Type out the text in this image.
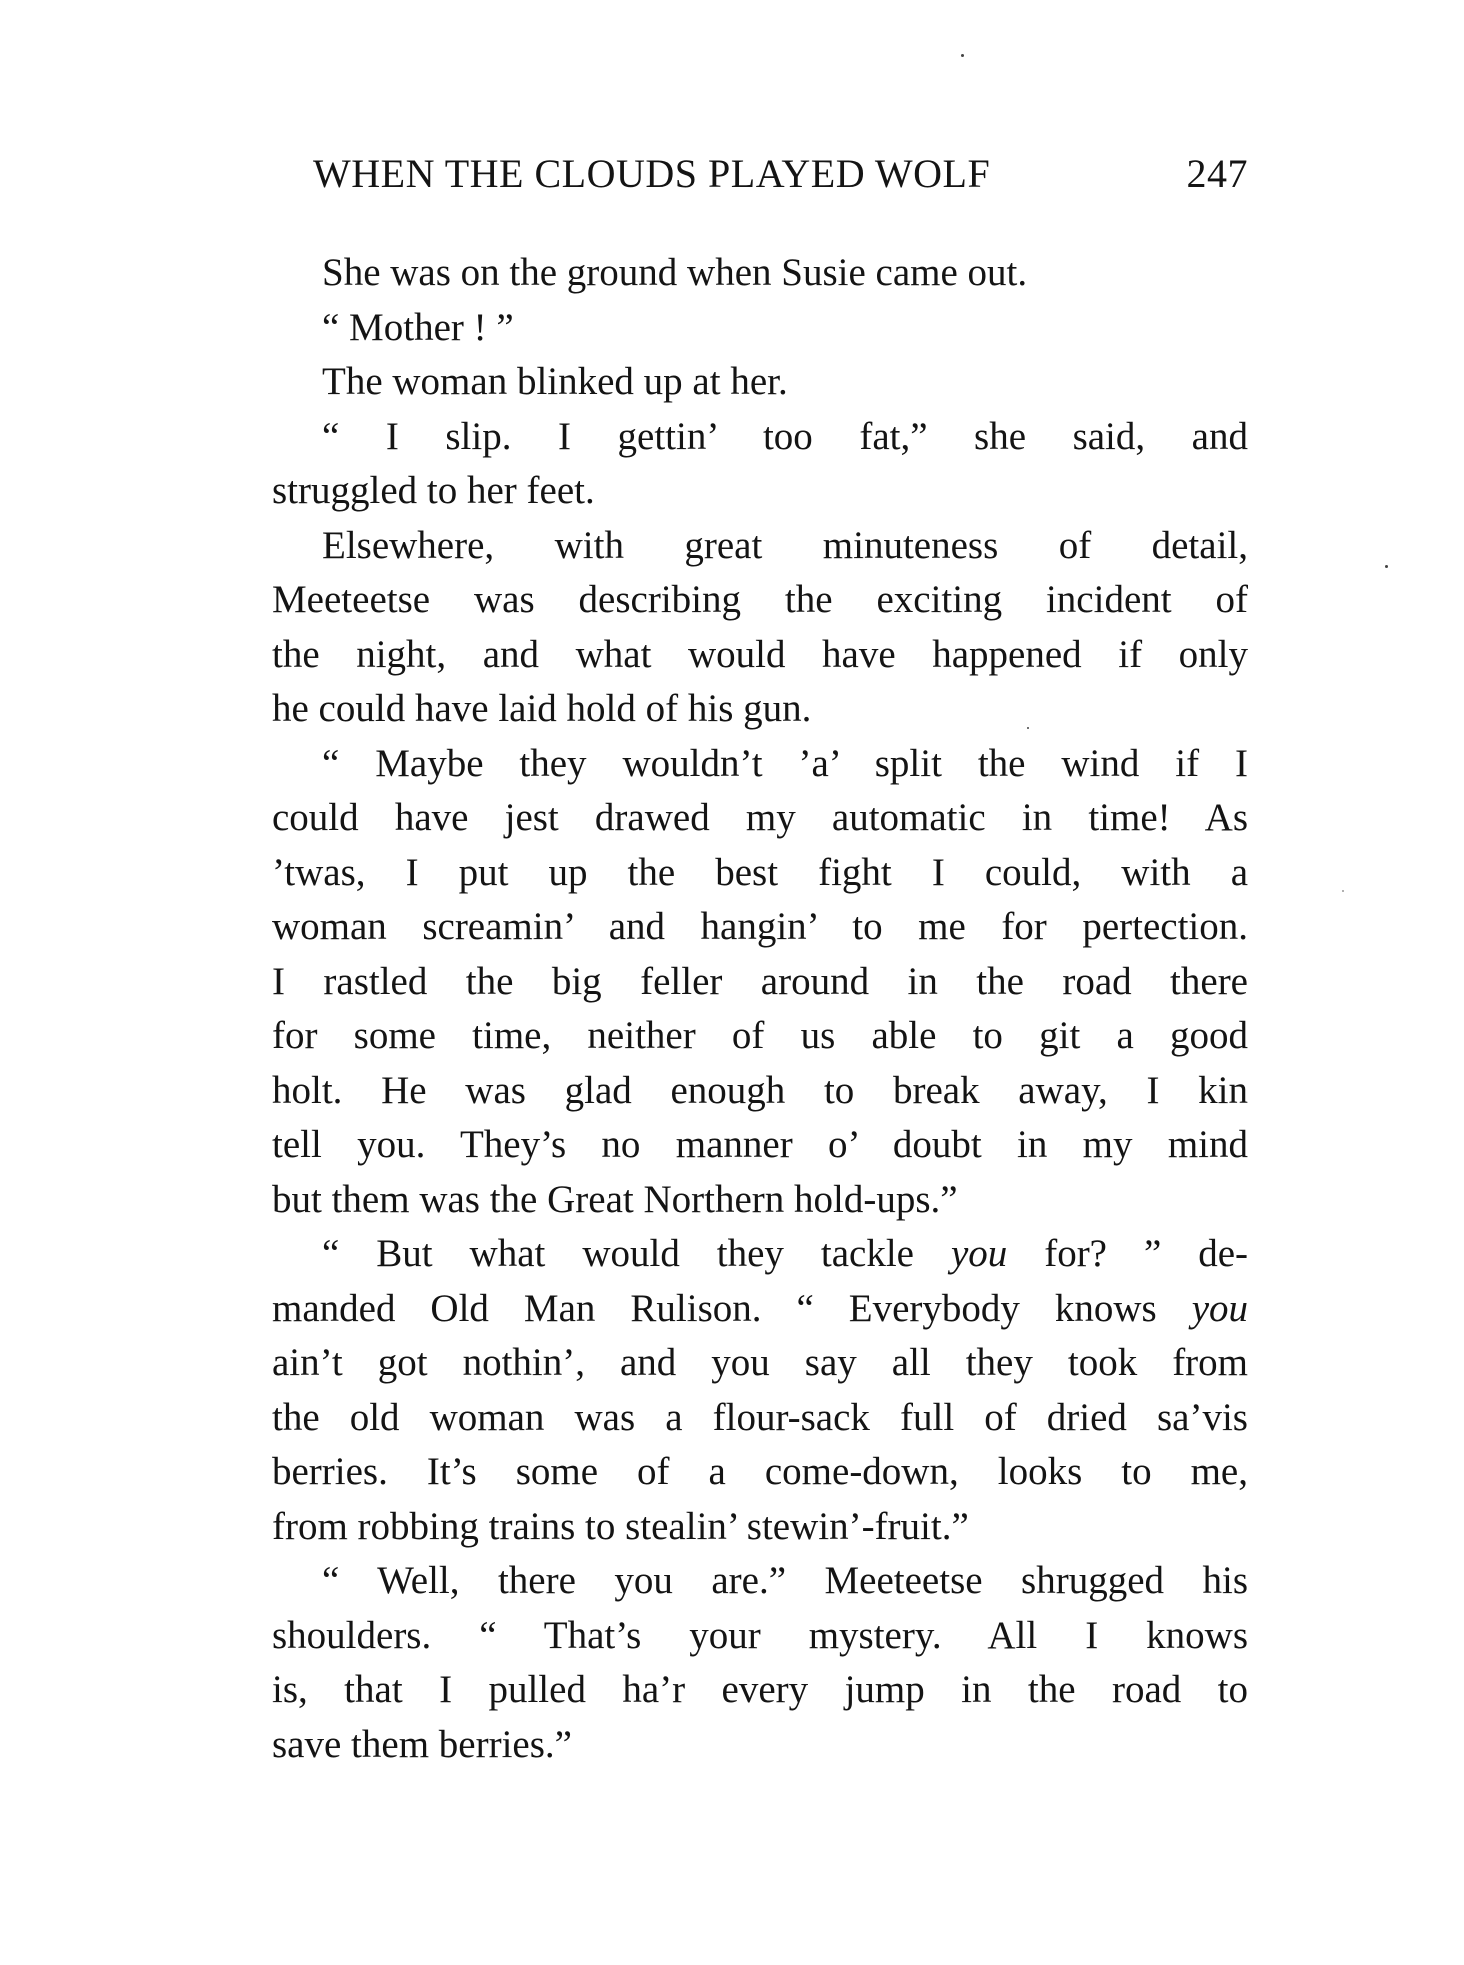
WHEN THE CLOUDS PLAYED WOLF	247
She was on the ground when Susie came out.
“ Mother ! ”
The woman blinked up at her.
“ I slip. I gettin’ too fat,” she said, and
struggled to her feet.
Elsewhere, with great minuteness of detail,
Meeteetse was describing the exciting incident of
the night, and what would have happened if only
he could have laid hold of his gun.
“ Maybe they wouldn’t ’a’ split the wind if I
could have jest drawed my automatic in time! As
’twas, I put up the best fight I could, with a
woman screamin’ and hangin’ to me for pertection.
I rastled the big feller around in the road there
for some time, neither of us able to git a good
holt. He was glad enough to break away, I kin
tell you. They’s no manner o’ doubt in my mind
but them was the Great Northern hold-ups.”
“ But what would they tackle you for? ” de-
manded Old Man Rulison. “ Everybody knows you
ain’t got nothin’, and you say all they took from
the old woman was a flour-sack full of dried sa’vis
berries. It’s some of a come-down, looks to me,
from robbing trains to stealin’ stewin’-fruit.”
“ Well, there you are.” Meeteetse shrugged his
shoulders. “ That’s your mystery. All I knows
is, that I pulled ha’r every jump in the road to
save them berries.”
